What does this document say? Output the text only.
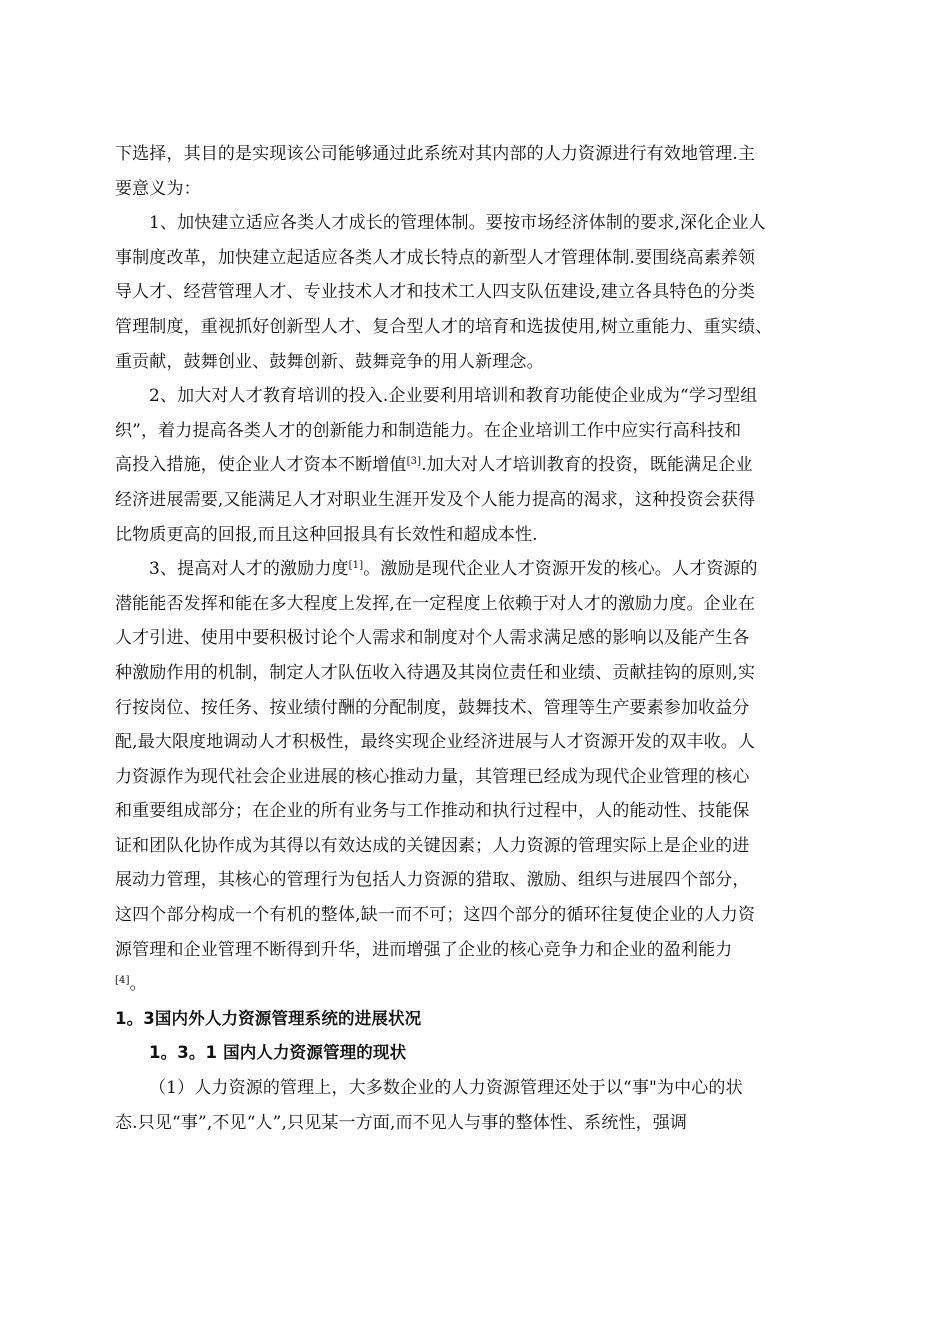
下选择，其目的是实现该公司能够通过此系统对其内部的人力资源进行有效地管理.主
要意义为：
1、加快建立适应各类人才成长的管理体制。要按市场经济体制的要求,深化企业人
事制度改革，加快建立起适应各类人才成长特点的新型人才管理体制.要围绕高素养领
导人才、经营管理人才、专业技术人才和技术工人四支队伍建设,建立各具特色的分类
管理制度，重视抓好创新型人才、复合型人才的培育和选拔使用,树立重能力、重实绩、
重贡献，鼓舞创业、鼓舞创新、鼓舞竞争的用人新理念。
2、加大对人才教育培训的投入.企业要利用培训和教育功能使企业成为“学习型组
织”，着力提高各类人才的创新能力和制造能力。在企业培训工作中应实行高科技和
高投入措施，使企业人才资本不断增值[3].加大对人才培训教育的投资，既能满足企业
经济进展需要,又能满足人才对职业生涯开发及个人能力提高的渴求，这种投资会获得
比物质更高的回报,而且这种回报具有长效性和超成本性.
3、提高对人才的激励力度[1]。激励是现代企业人才资源开发的核心。人才资源的
潜能能否发挥和能在多大程度上发挥,在一定程度上依赖于对人才的激励力度。企业在
人才引进、使用中要积极讨论个人需求和制度对个人需求满足感的影响以及能产生各
种激励作用的机制，制定人才队伍收入待遇及其岗位责任和业绩、贡献挂钩的原则,实
行按岗位、按任务、按业绩付酬的分配制度，鼓舞技术、管理等生产要素参加收益分
配,最大限度地调动人才积极性，最终实现企业经济进展与人才资源开发的双丰收。人
力资源作为现代社会企业进展的核心推动力量，其管理已经成为现代企业管理的核心
和重要组成部分；在企业的所有业务与工作推动和执行过程中，人的能动性、技能保
证和团队化协作成为其得以有效达成的关键因素；人力资源的管理实际上是企业的进
展动力管理，其核心的管理行为包括人力资源的猎取、激励、组织与进展四个部分，
这四个部分构成一个有机的整体,缺一而不可；这四个部分的循环往复使企业的人力资
源管理和企业管理不断得到升华，进而增强了企业的核心竞争力和企业的盈利能力
[4]。
1。3国内外人力资源管理系统的进展状况
1。3。1 国内人力资源管理的现状
（1）人力资源的管理上，大多数企业的人力资源管理还处于以“事"为中心的状
态.只见“事”,不见“人”,只见某一方面,而不见人与事的整体性、系统性，强调
